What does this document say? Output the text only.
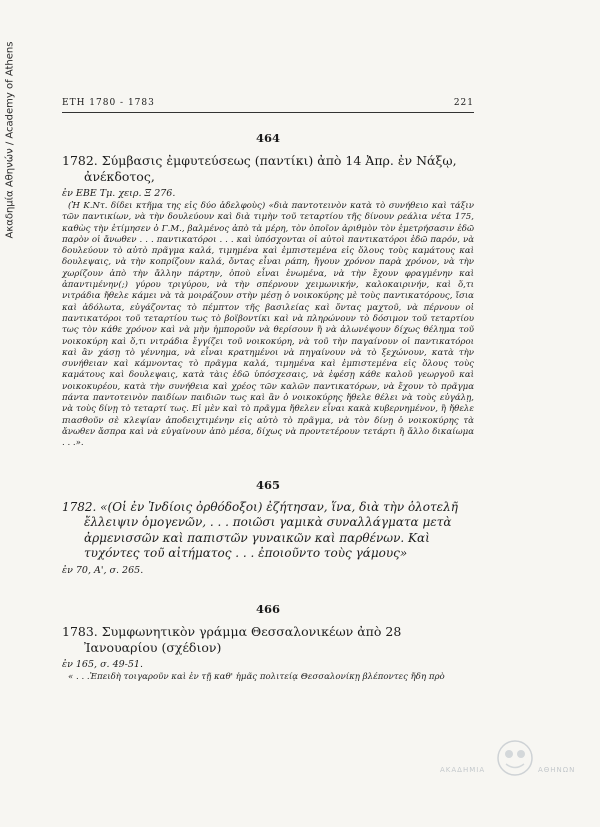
Ακαδημία Αθηνών / Academy of Athens	ΕΤΗ 1780 - 1783	221
464
1782. Σύμβασις ἐμφυτεύσεως (παντίκι) ἀπὸ 14 Ἀπρ. ἐν Νάξῳ, ἀνέκδοτος,
ἐν ΕΒΕ Τμ. χειρ. Ξ 276.

(Ἡ Κ.Ντ. δίδει κτῆμα της εἰς δύο ἀδελφοὺς) «διὰ παντοτεινὸν κατὰ τὸ συνήθειο καὶ τάξιν τῶν παντικίων, νὰ τὴν δουλεύουν καὶ διὰ τιμὴν τοῦ τεταρτίου τῆς δίνουν ρεάλια νέτα 175, καθὼς τὴν ἐτίμησεν ὁ Γ.Μ., βαλμένος ἀπὸ τὰ μέρη, τὸν ὁποῖον ἀριθμὸν τὸν ἐμετρήσασιν ἐδῶ παρὸν οἱ ἄνωθεν . . . παντικατόροι . . . καὶ ὑπόσχονται οἱ αὐτοὶ παντικατόροι ἐδῶ παρόν, νὰ δουλεύουν τὸ αὐτὸ πρᾶγμα καλά, τιμημένα καὶ ἐμπιστεμένα εἰς ὅλους τοὺς καμάτους καὶ δουλεψαις, νὰ τὴν κοπρίζουν καλά, ὄντας εἶναι ράπη, ἤγουν χρόνον παρὰ χρόνον, νὰ τὴν χωρίζουν ἀπὸ τὴν ἄλλην πάρτην, ὁποὺ εἶναι ἑνωμένα, νὰ τὴν ἔχουν φραγμένην καὶ ἀπαντιμένην(;) γύρου τριγύρου, νὰ τὴν σπέρνουν χειμωνικήν, καλοκαιρινήν, καὶ ὅ,τι νιτράδια ἤθελε κάμει νὰ τὰ μοιράζουν στὴν μέσῃ ὁ νοικοκύρης μὲ τοὺς παντικατόρους, ἴσια καὶ ἀδόλωτα, εὐγάζοντας τὸ πέμπτον τῆς βασιλείας καὶ ὄντας μαχτοῦ, νὰ πέρνουν οἱ παντικατόροι τοῦ τεταρτίου τως τὸ βοϊβοντίκι καὶ νὰ πληρώνουν τὸ δόσιμον τοῦ τεταρτίου τως τὸν κάθε χρόνον καὶ νὰ μὴν ἠμποροῦν νὰ θερίσουν ἢ νὰ ἀλωνέψουν δίχως θέλημα τοῦ νοικοκύρη καὶ ὅ,τι νιτράδια ἔγγίζει τοῦ νοικοκύρη, νὰ τοῦ τὴν παγαίνουν οἱ παντικατόροι καὶ ἂν χάσῃ τὸ γέννημα, νὰ εἶναι κρατημένοι νὰ πηγαίνουν νὰ τὸ ξεχώνουν, κατὰ τὴν συνήθειαν καὶ κάμνοντας τὸ πρᾶγμα καλά, τιμημένα καὶ ἐμπιστεμένα εἰς ὅλους τοὺς καμάτους καὶ δουλεψαις, κατὰ τὰις ἐδῶ ὑπόσχεσαις, νὰ ἐφέσῃ κάθε καλοῦ γεωργοῦ καὶ νοικοκυρέου, κατὰ τὴν συνήθεια καὶ χρέος τῶν καλῶν παντικατόρων, νὰ ἔχουν τὸ πρᾶγμα πάντα παντοτεινὸν παιδίων παιδιῶν τως καὶ ἂν ὁ νοικοκύρης ἤθελε θέλει νὰ τοὺς εὐγάλῃ, νὰ τοὺς δίνῃ τὸ τεταρτί τως. Εἰ μὲν καὶ τὸ πρᾶγμα ἤθελεν εἶναι κακὰ κυβερνημένον, ἢ ἤθελε πιασθοῦν σὲ κλεψίαν ἀποδειχτιμένην εἰς αὐτὸ τὸ πρᾶγμα, νὰ τὸν δίνῃ ὁ νοικοκύρης τὰ ἄνωθεν ἄσπρα καὶ νὰ εὐγαίνουν ἀπὸ μέσα, δίχως νὰ προντετέρουν τετάρτι ἢ ἄλλο δικαίωμα . . .».

465
1782. «(Οἱ ἐν Ἰνδίοις ὀρθόδοξοι) ἐζήτησαν, ἵνα, διὰ τὴν ὁλοτελῆ ἔλλειψιν ὁμογενῶν, . . . ποιῶσι γαμικὰ συναλλάγματα μετὰ ἀρμενισσῶν καὶ παπιστῶν γυναικῶν καὶ παρθένων. Καὶ τυχόντες τοῦ αἰτήματος . . . ἐποιοῦντο τοὺς γάμους»
ἐν 70, Α', σ. 265.
466
1783. Συμφωνητικὸν γράμμα Θεσσαλονικέων ἀπὸ 28 Ἰανουαρίου (σχέδιον)
ἐν 165, σ. 49-51.

« . . .Ἐπειδὴ τοιγαροῦν καὶ ἐν τῇ καθ' ἡμᾶς πολιτείᾳ Θεσσαλονίκῃ βλέποντες ἤδη πρὸ

ΑΚΑΔΗΜΙΑ	ΑΘΗΝΩΝ
